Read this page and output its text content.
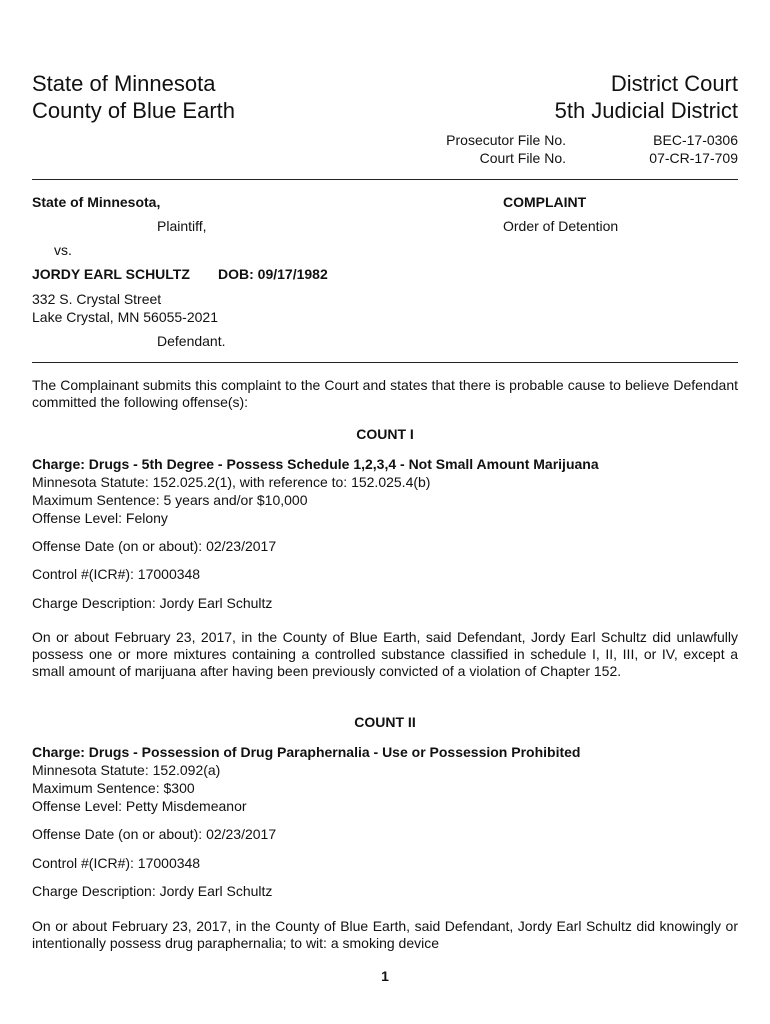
State of Minnesota
County of Blue Earth
District Court
5th Judicial District
Prosecutor File No.	BEC-17-0306
Court File No.	07-CR-17-709
State of Minnesota,
Plaintiff,
vs.
JORDY EARL SCHULTZ DOB: 09/17/1982
332 S. Crystal Street
Lake Crystal, MN 56055-2021
Defendant.
COMPLAINT
Order of Detention
The Complainant submits this complaint to the Court and states that there is probable cause to believe Defendant committed the following offense(s):
COUNT I
Charge: Drugs - 5th Degree - Possess Schedule 1,2,3,4 - Not Small Amount Marijuana
Minnesota Statute: 152.025.2(1), with reference to: 152.025.4(b)
Maximum Sentence: 5 years and/or $10,000
Offense Level: Felony
Offense Date (on or about): 02/23/2017
Control #(ICR#): 17000348
Charge Description: Jordy Earl Schultz
On or about February 23, 2017, in the County of Blue Earth, said Defendant, Jordy Earl Schultz did unlawfully possess one or more mixtures containing a controlled substance classified in schedule I, II, III, or IV, except a small amount of marijuana after having been previously convicted of a violation of Chapter 152.
COUNT II
Charge: Drugs - Possession of Drug Paraphernalia - Use or Possession Prohibited
Minnesota Statute: 152.092(a)
Maximum Sentence: $300
Offense Level: Petty Misdemeanor
Offense Date (on or about): 02/23/2017
Control #(ICR#): 17000348
Charge Description: Jordy Earl Schultz
On or about February 23, 2017, in the County of Blue Earth, said Defendant, Jordy Earl Schultz did knowingly or intentionally possess drug paraphernalia; to wit: a smoking device
1
